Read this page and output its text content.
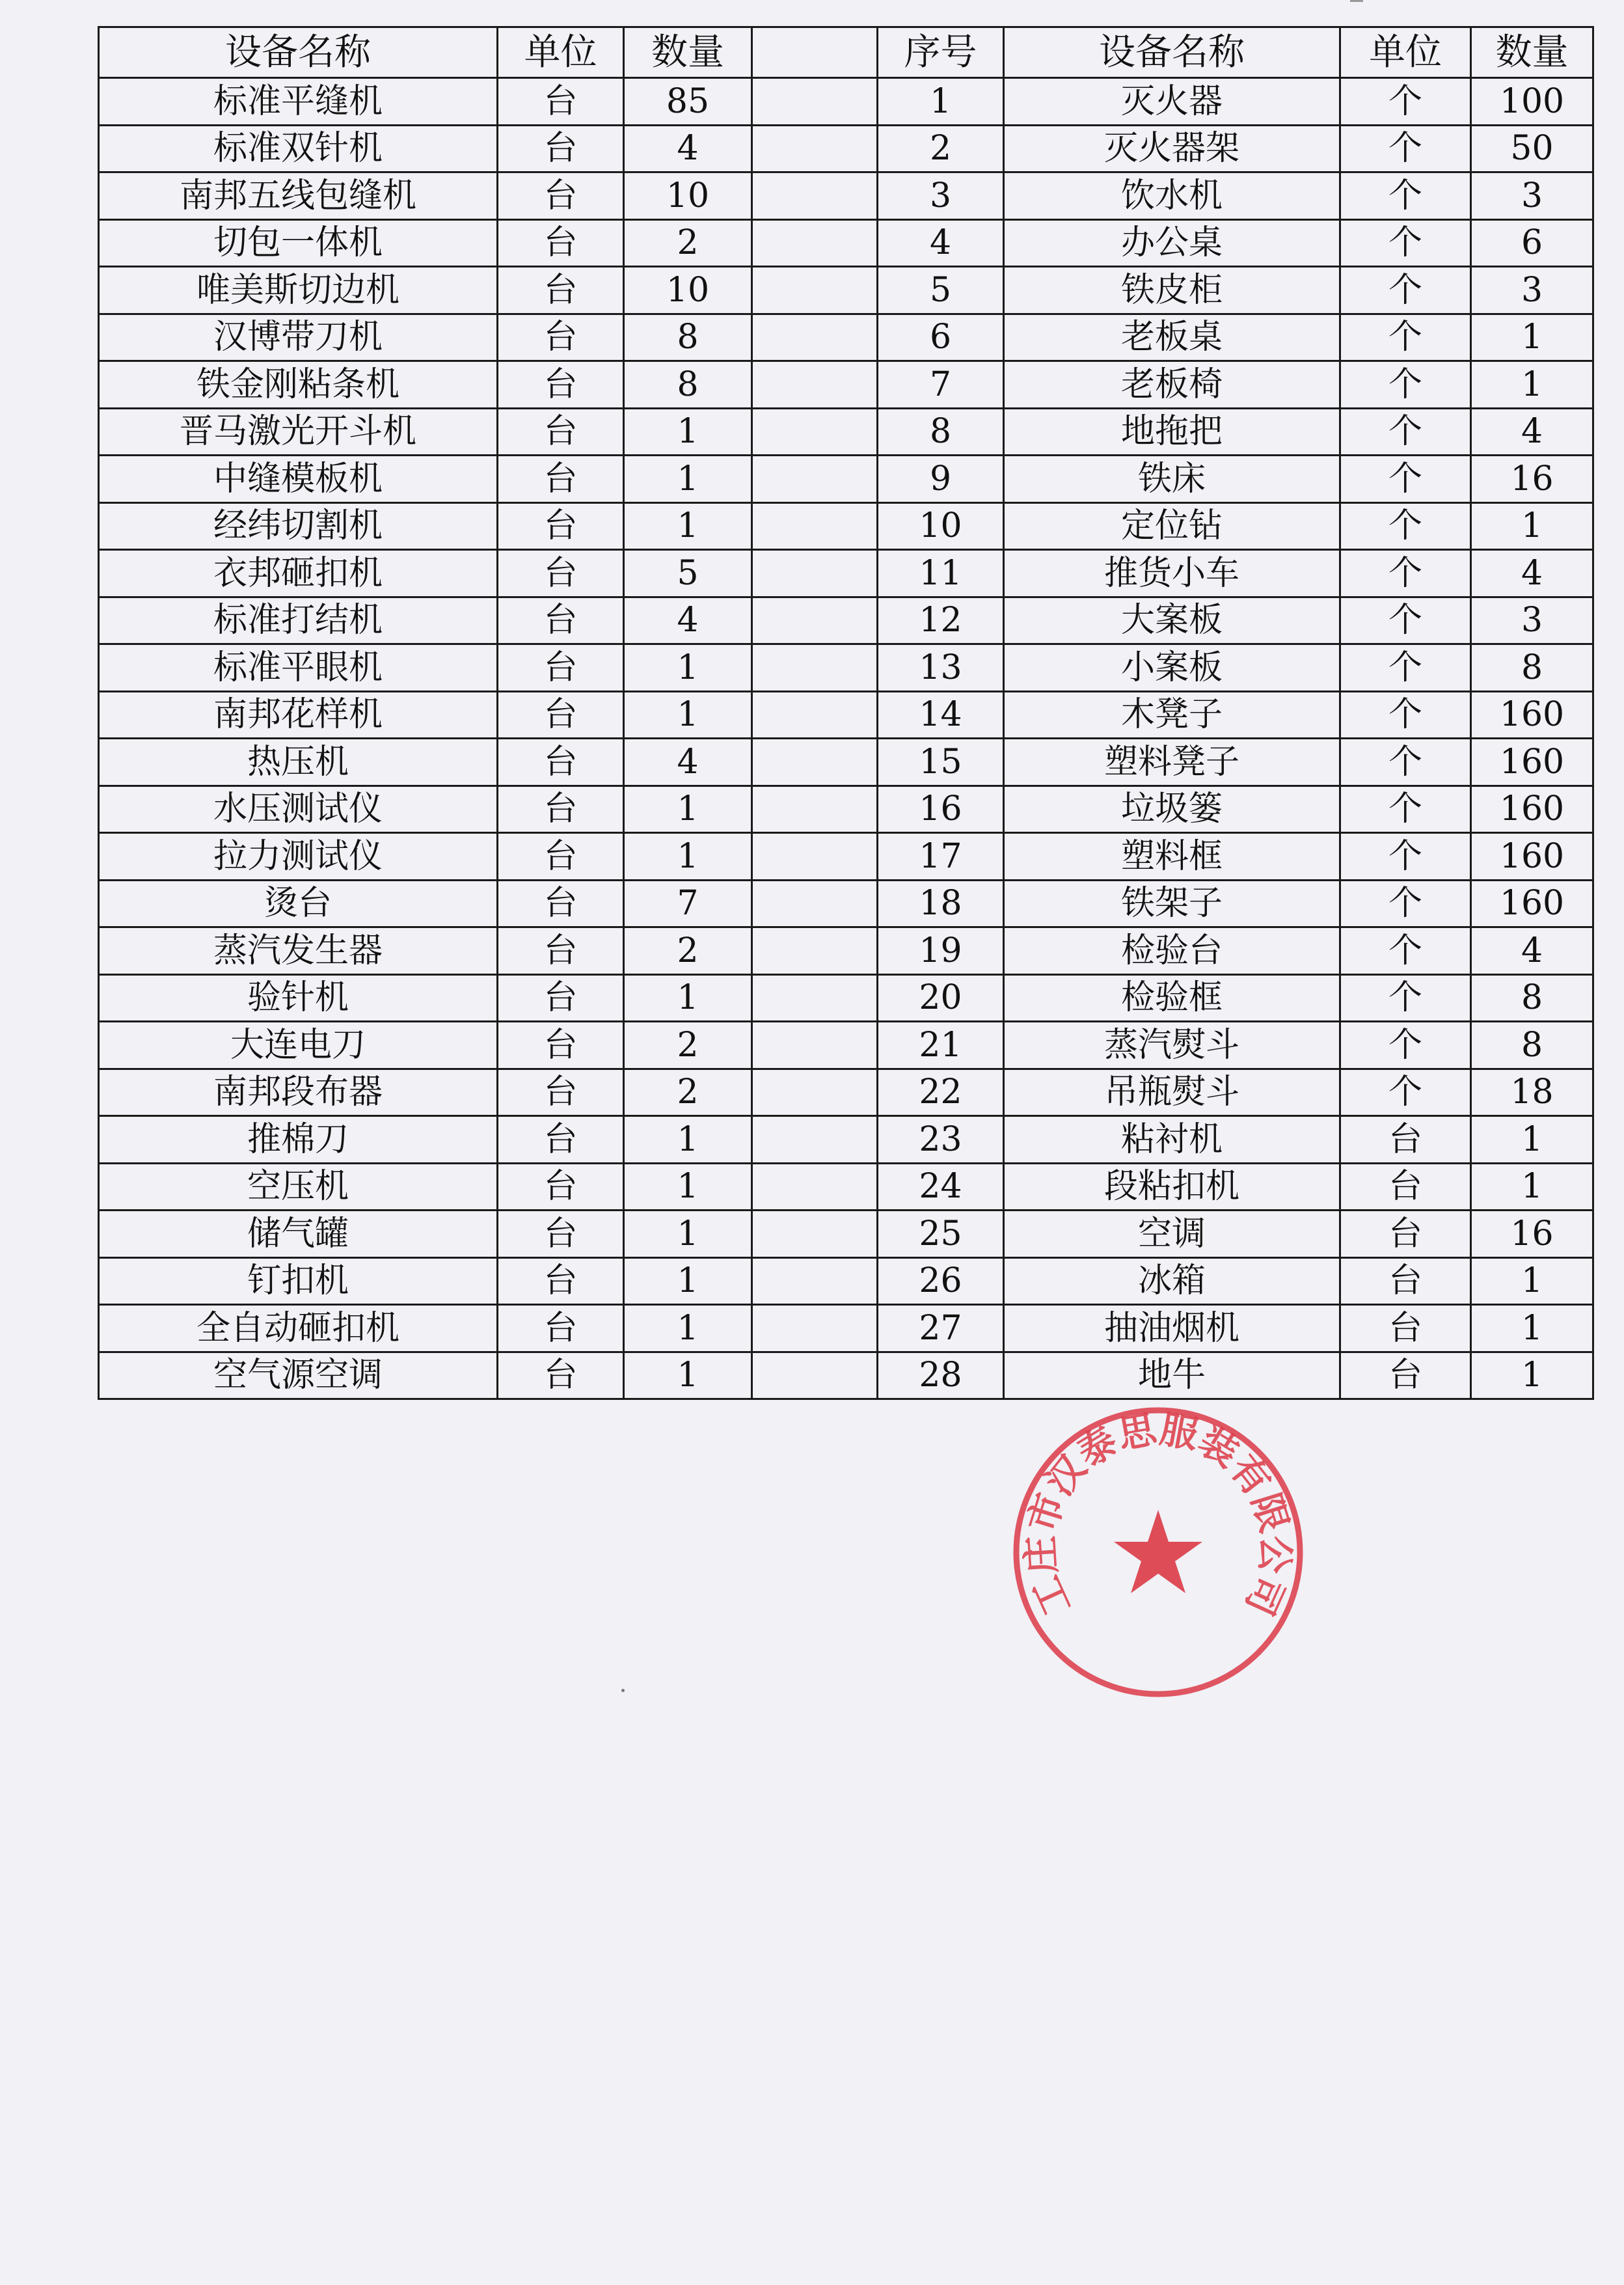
设备名称	单位	数量		序号	设备名称	单位	数量
标准平缝机	台	85		1	灭火器	个	100
标准双针机	台	4		2	灭火器架	个	50
南邦五线包缝机	台	10		3	饮水机	个	3
切包一体机	台	2		4	办公桌	个	6
唯美斯切边机	台	10		5	铁皮柜	个	3
汉博带刀机	台	8		6	老板桌	个	1
铁金刚粘条机	台	8		7	老板椅	个	1
晋马激光开斗机	台	1		8	地拖把	个	4
中缝模板机	台	1		9	铁床	个	16
经纬切割机	台	1		10	定位钻	个	1
衣邦砸扣机	台	5		11	推货小车	个	4
标准打结机	台	4		12	大案板	个	3
标准平眼机	台	1		13	小案板	个	8
南邦花样机	台	1		14	木凳子	个	160
热压机	台	4		15	塑料凳子	个	160
水压测试仪	台	1		16	垃圾篓	个	160
拉力测试仪	台	1		17	塑料框	个	160
烫台	台	7		18	铁架子	个	160
蒸汽发生器	台	2		19	检验台	个	4
验针机	台	1		20	检验框	个	8
大连电刀	台	2		21	蒸汽熨斗	个	8
南邦段布器	台	2		22	吊瓶熨斗	个	18
推棉刀	台	1		23	粘衬机	台	1
空压机	台	1		24	段粘扣机	台	1
储气罐	台	1		25	空调	台	16
钉扣机	台	1		26	冰箱	台	1
全自动砸扣机	台	1		27	抽油烟机	台	1
空气源空调	台	1		28	地牛	台	1
工庄市汉泰思服装有限公司
